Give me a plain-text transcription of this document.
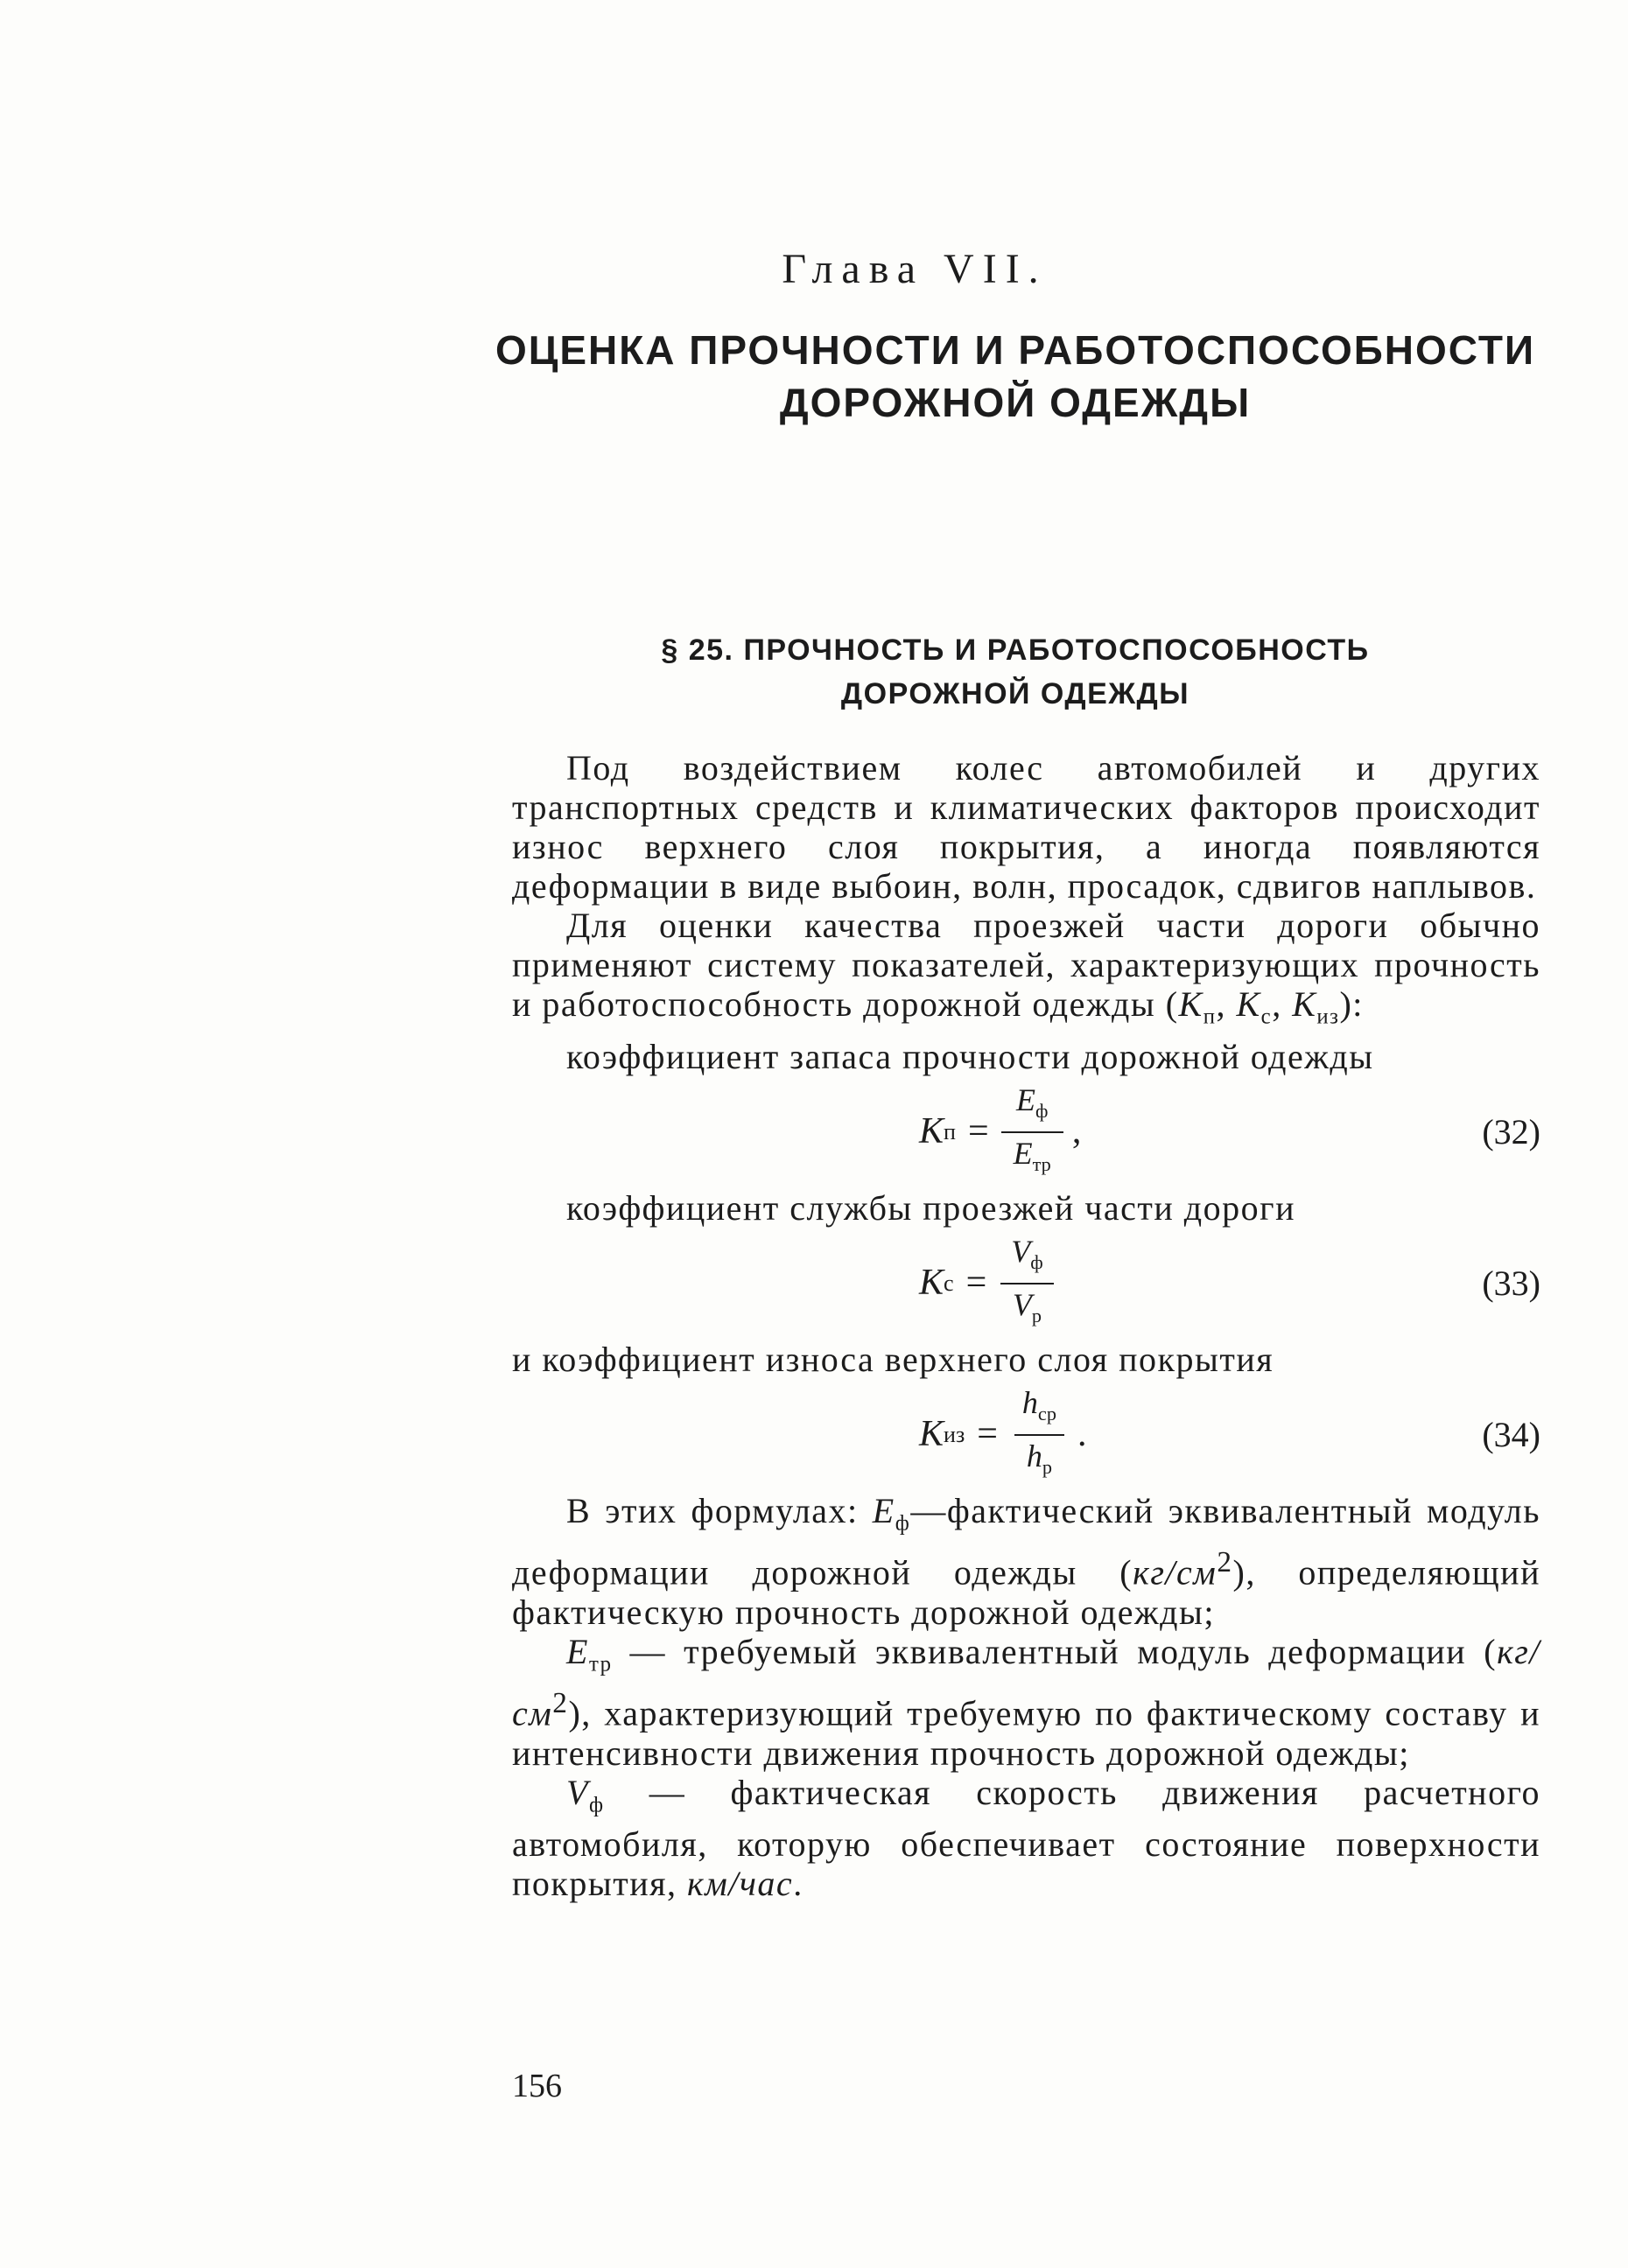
Глава VII.
ОЦЕНКА ПРОЧНОСТИ И РАБОТОСПОСОБНОСТИ
ДОРОЖНОЙ ОДЕЖДЫ
§ 25. ПРОЧНОСТЬ И РАБОТОСПОСОБНОСТЬ
ДОРОЖНОЙ ОДЕЖДЫ

Под воздействием колес автомобилей и других транспортных средств и климатических факторов происходит износ верхнего слоя покрытия, а иногда появляются деформации в виде выбоин, волн, просадок, сдвигов наплывов.

Для оценки качества проезжей части дороги обычно применяют систему показателей, характеризующих прочность и работоспособность дорожной одежды ($K_п$, $K_с$, $K_{из}$):

коэффициент запаса прочности дорожной одежды

K $п = \frac{E_ф}{E_{тр}}$ ,	(32)

коэффициент службы проезжей части дороги

K $с = \frac{V_ф}{V_р}$	(33)

и коэффициент износа верхнего слоя покрытия

K из = $\frac{h_{ср}}{h_р}$ .	(34)

В этих формулах: $E_ф—фактический$ эквивалентный модуль деформации дорожной одежды $(кг/см^2)$, определяющий фактическую прочность дорожной одежды;

$E_{тр}$ — требуемый эквивалентный модуль деформации $(кг/см^2)$, характеризующий требуемую по фактическому составу и интенсивности движения прочность дорожной одежды;

$V_ф$ — фактическая скорость движения расчетного автомобиля, которую обеспечивает состояние поверхности покрытия, км/час.

156
